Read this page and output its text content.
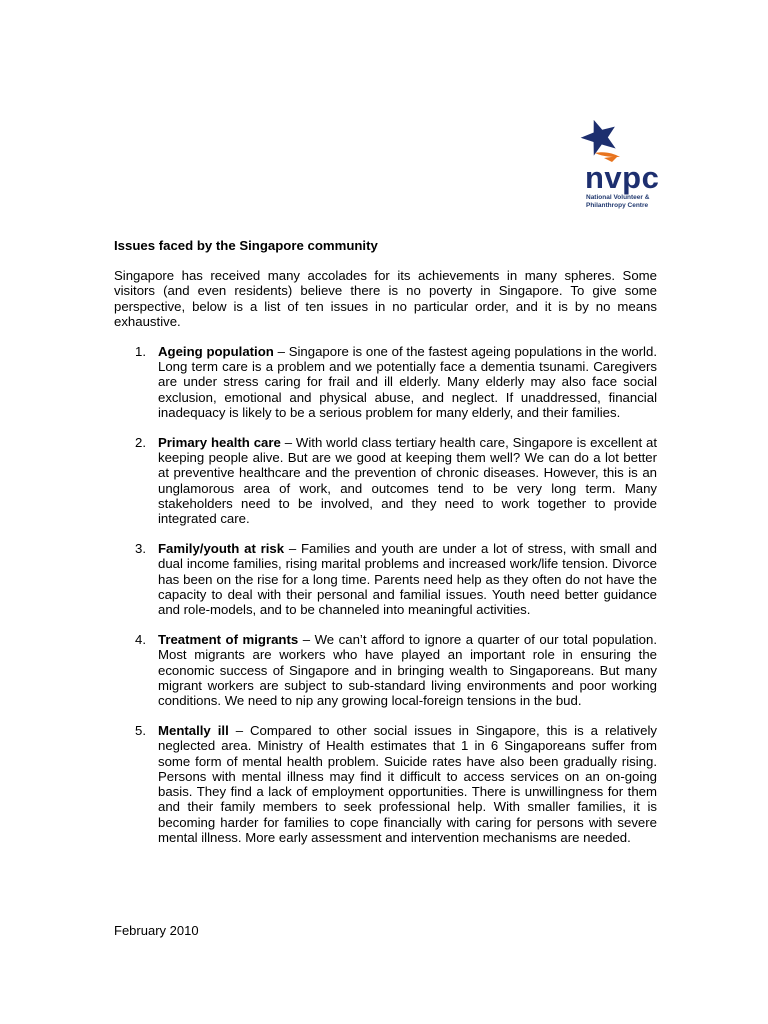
nvpc
National Volunteer &
Philanthropy Centre

Issues faced by the Singapore community

Singapore has received many accolades for its achievements in many spheres. Some visitors (and even residents) believe there is no poverty in Singapore. To give some perspective, below is a list of ten issues in no particular order, and it is by no means exhaustive.

1. Ageing population – Singapore is one of the fastest ageing populations in the world. Long term care is a problem and we potentially face a dementia tsunami. Caregivers are under stress caring for frail and ill elderly. Many elderly may also face social exclusion, emotional and physical abuse, and neglect. If unaddressed, financial inadequacy is likely to be a serious problem for many elderly, and their families.
2. Primary health care – With world class tertiary health care, Singapore is excellent at keeping people alive. But are we good at keeping them well? We can do a lot better at preventive healthcare and the prevention of chronic diseases. However, this is an unglamorous area of work, and outcomes tend to be very long term. Many stakeholders need to be involved, and they need to work together to provide integrated care.
3. Family/youth at risk – Families and youth are under a lot of stress, with small and dual income families, rising marital problems and increased work/life tension. Divorce has been on the rise for a long time. Parents need help as they often do not have the capacity to deal with their personal and familial issues. Youth need better guidance and role-models, and to be channeled into meaningful activities.
4. Treatment of migrants – We can’t afford to ignore a quarter of our total population. Most migrants are workers who have played an important role in ensuring the economic success of Singapore and in bringing wealth to Singaporeans. But many migrant workers are subject to sub-standard living environments and poor working conditions. We need to nip any growing local-foreign tensions in the bud.
5. Mentally ill – Compared to other social issues in Singapore, this is a relatively neglected area. Ministry of Health estimates that 1 in 6 Singaporeans suffer from some form of mental health problem. Suicide rates have also been gradually rising. Persons with mental illness may find it difficult to access services on an on-going basis. They find a lack of employment opportunities. There is unwillingness for them and their family members to seek professional help. With smaller families, it is becoming harder for families to cope financially with caring for persons with severe mental illness. More early assessment and intervention mechanisms are needed.
February 2010
